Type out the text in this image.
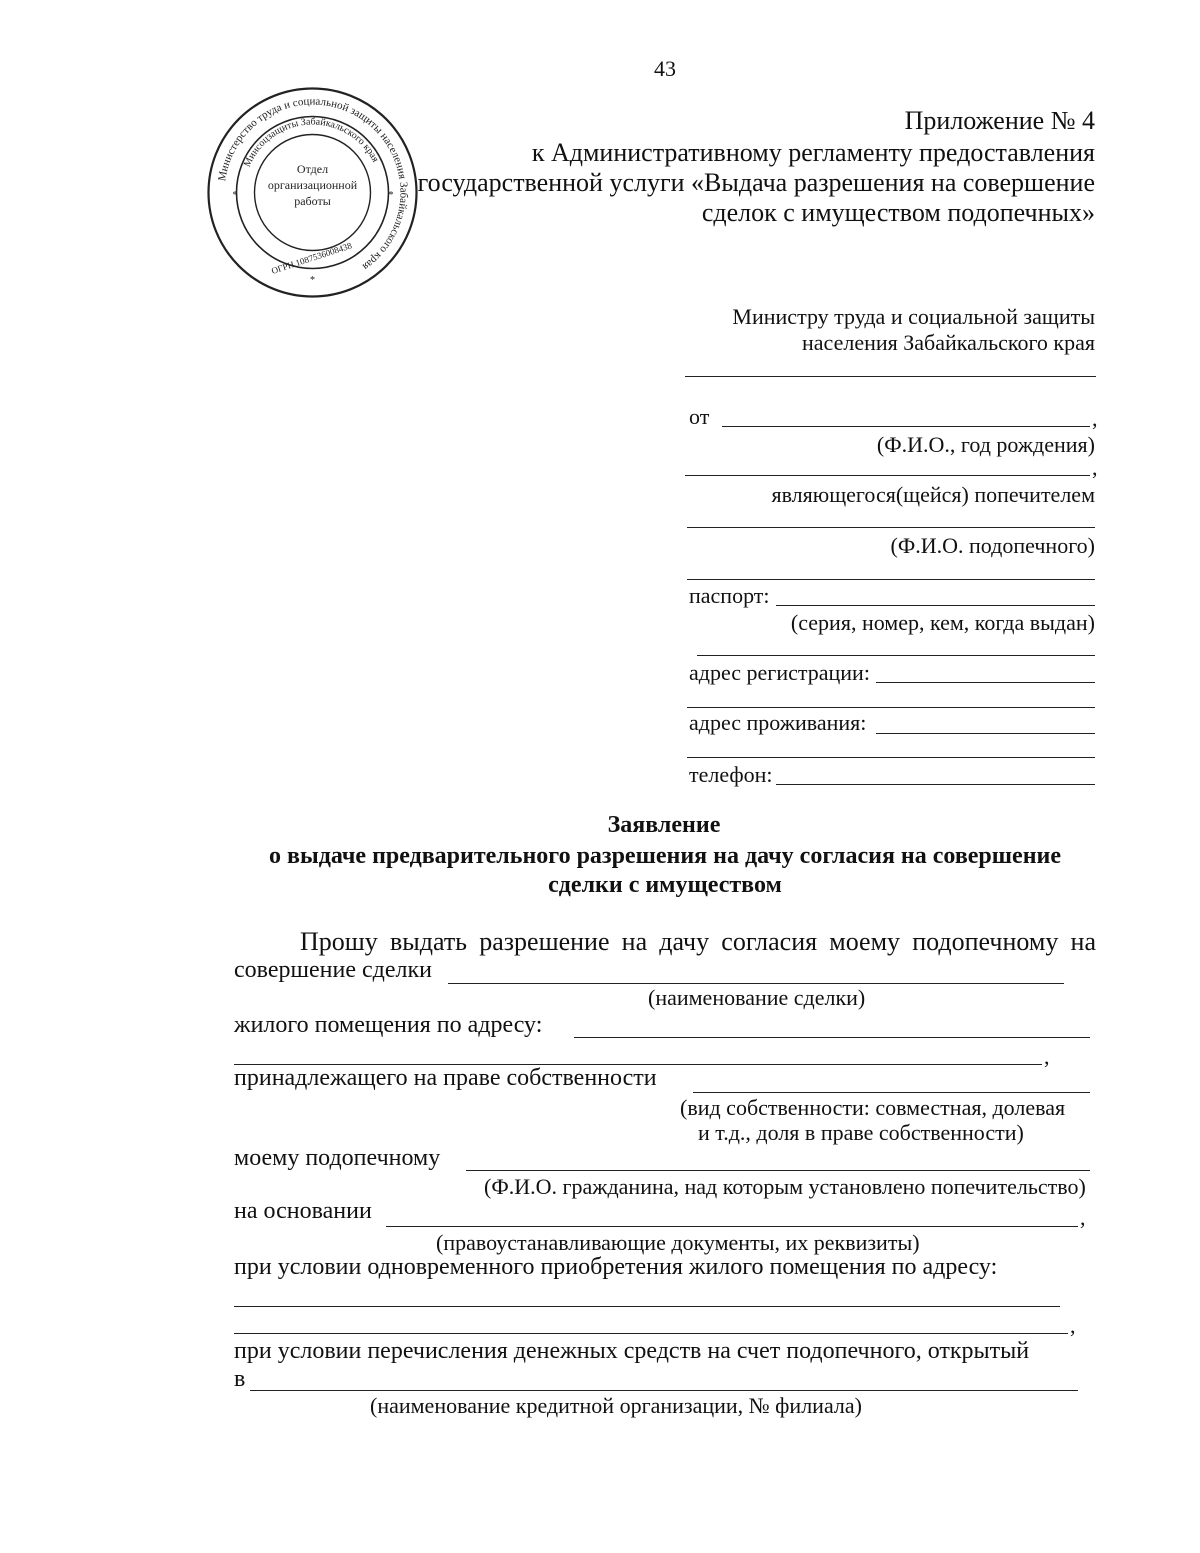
43
Министерство труда и социальной защиты населения Забайкальского края
Минсоцзащиты Забайкальского края
Отдел
организационной
работы
ОГРН 1087536008438
*
*	*
Приложение № 4
к Административному регламенту предоставления
государственной услуги «Выдача разрешения на совершение
сделок с имуществом подопечных»
Министру труда и социальной защиты
населения Забайкальского края
от	,
(Ф.И.О., год рождения)
,
являющегося(щейся) попечителем
(Ф.И.О. подопечного)
паспорт:
(серия, номер, кем, когда выдан)
адрес регистрации:
адрес проживания:
телефон:
Заявление
о выдаче предварительного разрешения на дачу согласия на совершение
сделки с имуществом
Прошу выдать разрешение на дачу согласия моему подопечному на
совершение сделки
(наименование сделки)
жилого помещения по адресу:
,
принадлежащего на праве собственности
(вид собственности: совместная, долевая
и т.д., доля в праве собственности)
моему подопечному
(Ф.И.О. гражданина, над которым установлено попечительство)
на основании	,
(правоустанавливающие документы, их реквизиты)
при условии одновременного приобретения жилого помещения по адресу:
,
при условии перечисления денежных средств на счет подопечного, открытый
в
(наименование кредитной организации, № филиала)
